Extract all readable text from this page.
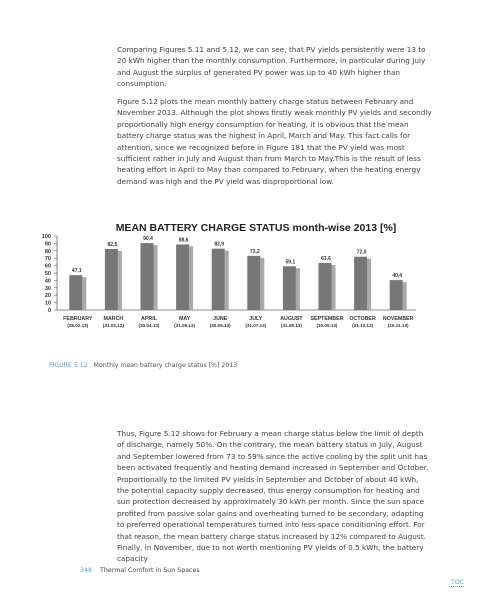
Comparing Figures 5.11 and 5.12, we can see, that PV yields persistently were 13 to 20 kWh higher than the monthly consumption. Furthermore, in particular during July and August the surplus of generated PV power was up to 40 kWh higher than consumption.

Figure 5.12 plots the mean monthly battery charge status between February and November 2013. Although the plot shows firstly weak monthly PV yields and secondly proportionally high energy consumption for heating, it is obvious that the mean battery charge status was the highest in April, March and May. This fact calls for attention, since we recognized before in Figure 181 that the PV yield was most sufficient rather in July and August than from March to May.This is the result of less heating effort in April to May than compared to February, when the heating energy demand was high and the PV yield was disproportional low.

MEAN BATTERY CHARGE STATUS month-wise 2013 [%]
0
10
20
30
40
50
60
70
80
90
100
47,1
82,5
90,4	88,6
82,9
73,2
59,1
63,6
72,0
40,4
FEBRUARY
(28.02.13)
MARCH
(31.03.12)
APRIL
(30.04.13)
MAY
(31.05.13)
JUNE
(30.06.13)
JULY
(31.07.13)
AUGUST
(31.08.13)
SEPTEMBER
(30.09.13)
OCTOBER
(31.10.13)
NOVEMBER
(15.11.13)
FIGURE 5.12 Monthly mean battery charge status [%] 2013

Thus, Figure 5.12 shows for February a mean charge status below the limit of depth of discharge, namely 50%. On the contrary, the mean battery status in July, August and September lowered from 73 to 59% since the active cooling by the split unit has been activated frequently and heating demand increased in September and October. Proportionally to the limited PV yields in September and October of about 40 kWh, the potential capacity supply decreased, thus energy consumption for heating and sun protection decreased by approximately 30 kWh per month. Since the sun space profited from passive solar gains and overheating turned to be secondary, adapting to preferred operational temperatures turned into less space conditioning effort. For that reason, the mean battery charge status increased by 12% compared to August. Finally, in November, due to not worth mentioning PV yields of 0.5 kWh, the battery capacity

348 Thermal Comfort in Sun Spaces
TOC
